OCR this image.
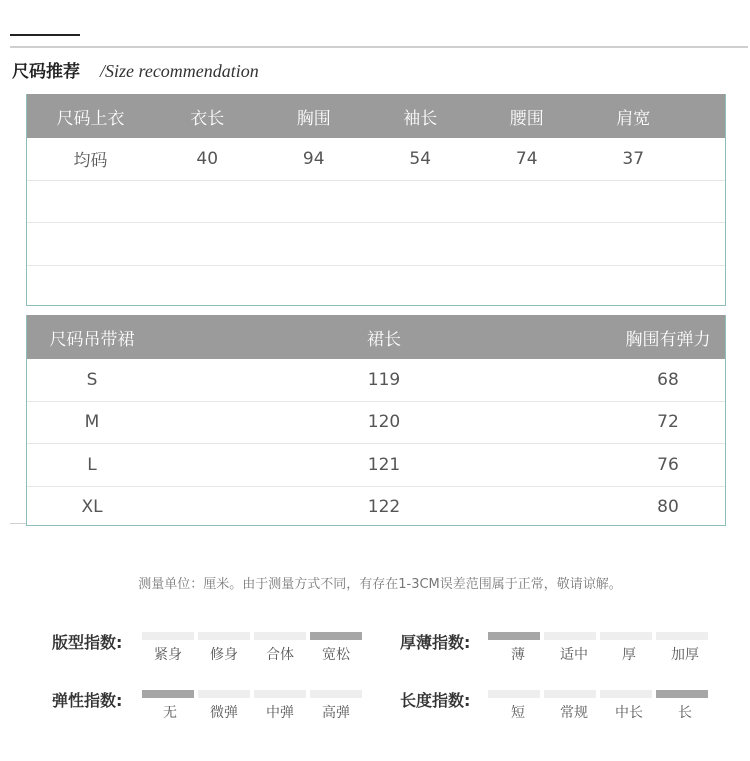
尺码推荐 /Size recommendation
尺码上衣	衣长	胸围	袖长	腰围	肩宽
均码	40	94	54	74	37
尺码吊带裙	裙长	胸围有弹力
S	119	68
M	120	72
L	121	76
XL	122	80
测量单位：厘米。由于测量方式不同，有存在1-3CM误差范围属于正常，敬请谅解。
版型指数:
紧身	修身	合体	宽松
厚薄指数:
薄	适中	厚	加厚
弹性指数:
无	微弹	中弹	高弹
长度指数:
短	常规	中长	长
